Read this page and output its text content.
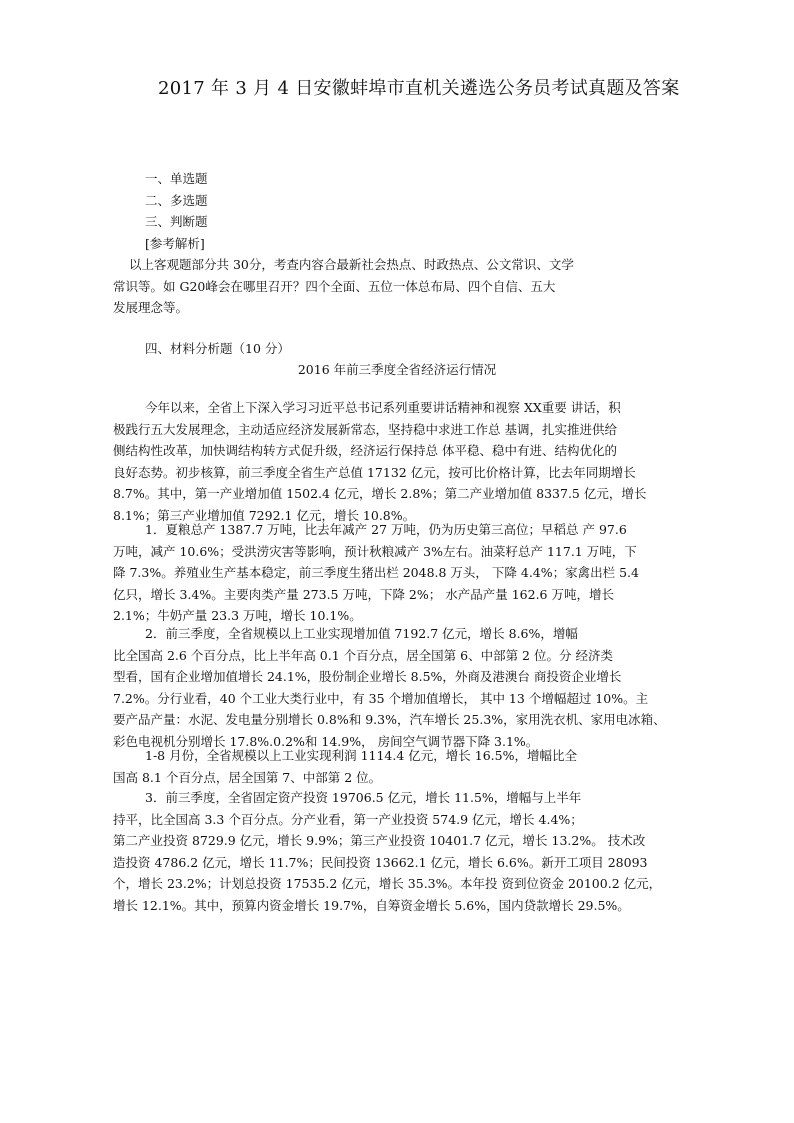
2017 年 3 月 4 日安徽蚌埠市直机关遴选公务员考试真题及答案
一、单选题
二、多选题
三、判断题
[参考解析]
以上客观题部分共 30分，考查内容合最新社会热点、时政热点、公文常识、文学
常识等。如 G20峰会在哪里召开？四个全面、五位一体总布局、四个自信、五大
发展理念等。
四、材料分析题（10 分）
2016 年前三季度全省经济运行情况
今年以来，全省上下深入学习习近平总书记系列重要讲话精神和视察 XX重要 讲话，积
极践行五大发展理念，主动适应经济发展新常态，坚持稳中求进工作总 基调，扎实推进供给
侧结构性改革，加快调结构转方式促升级，经济运行保持总 体平稳、稳中有进、结构优化的
良好态势。初步核算，前三季度全省生产总值 17132 亿元，按可比价格计算，比去年同期增长
8.7%。其中，第一产业增加值 1502.4 亿元，增长 2.8%；第二产业增加值 8337.5 亿元，增长
8.1%；第三产业增加值 7292.1 亿元，增长 10.8%。
1．夏粮总产 1387.7 万吨，比去年减产 27 万吨，仍为历史第三高位；早稻总 产 97.6
万吨，减产 10.6%；受洪涝灾害等影响，预计秋粮减产 3%左右。油菜籽总产 117.1 万吨，下
降 7.3%。养殖业生产基本稳定，前三季度生猪出栏 2048.8 万头， 下降 4.4%；家禽出栏 5.4
亿只，增长 3.4%。主要肉类产量 273.5 万吨，下降 2%； 水产品产量 162.6 万吨，增长
2.1%；牛奶产量 23.3 万吨，增长 10.1%。
2．前三季度，全省规模以上工业实现增加值 7192.7 亿元，增长 8.6%，增幅
比全国高 2.6 个百分点，比上半年高 0.1 个百分点，居全国第 6、中部第 2 位。分 经济类
型看，国有企业增加值增长 24.1%，股份制企业增长 8.5%，外商及港澳台 商投资企业增长
7.2%。分行业看，40 个工业大类行业中，有 35 个增加值增长， 其中 13 个增幅超过 10%。主
要产品产量：水泥、发电量分别增长 0.8%和 9.3%，汽车增长 25.3%，家用洗衣机、家用电冰箱、
彩色电视机分别增长 17.8%.0.2%和 14.9%， 房间空气调节器下降 3.1%。
1-8 月份，全省规模以上工业实现利润 1114.4 亿元，增长 16.5%，增幅比全
国高 8.1 个百分点，居全国第 7、中部第 2 位。
3．前三季度，全省固定资产投资 19706.5 亿元，增长 11.5%，增幅与上半年
持平，比全国高 3.3 个百分点。分产业看，第一产业投资 574.9 亿元，增长 4.4%；
第二产业投资 8729.9 亿元，增长 9.9%；第三产业投资 10401.7 亿元，增长 13.2%。 技术改
造投资 4786.2 亿元，增长 11.7%；民间投资 13662.1 亿元，增长 6.6%。新开工项目 28093
个，增长 23.2%；计划总投资 17535.2 亿元，增长 35.3%。本年投 资到位资金 20100.2 亿元，
增长 12.1%。其中，预算内资金增长 19.7%，自筹资金增长 5.6%，国内贷款增长 29.5%。
